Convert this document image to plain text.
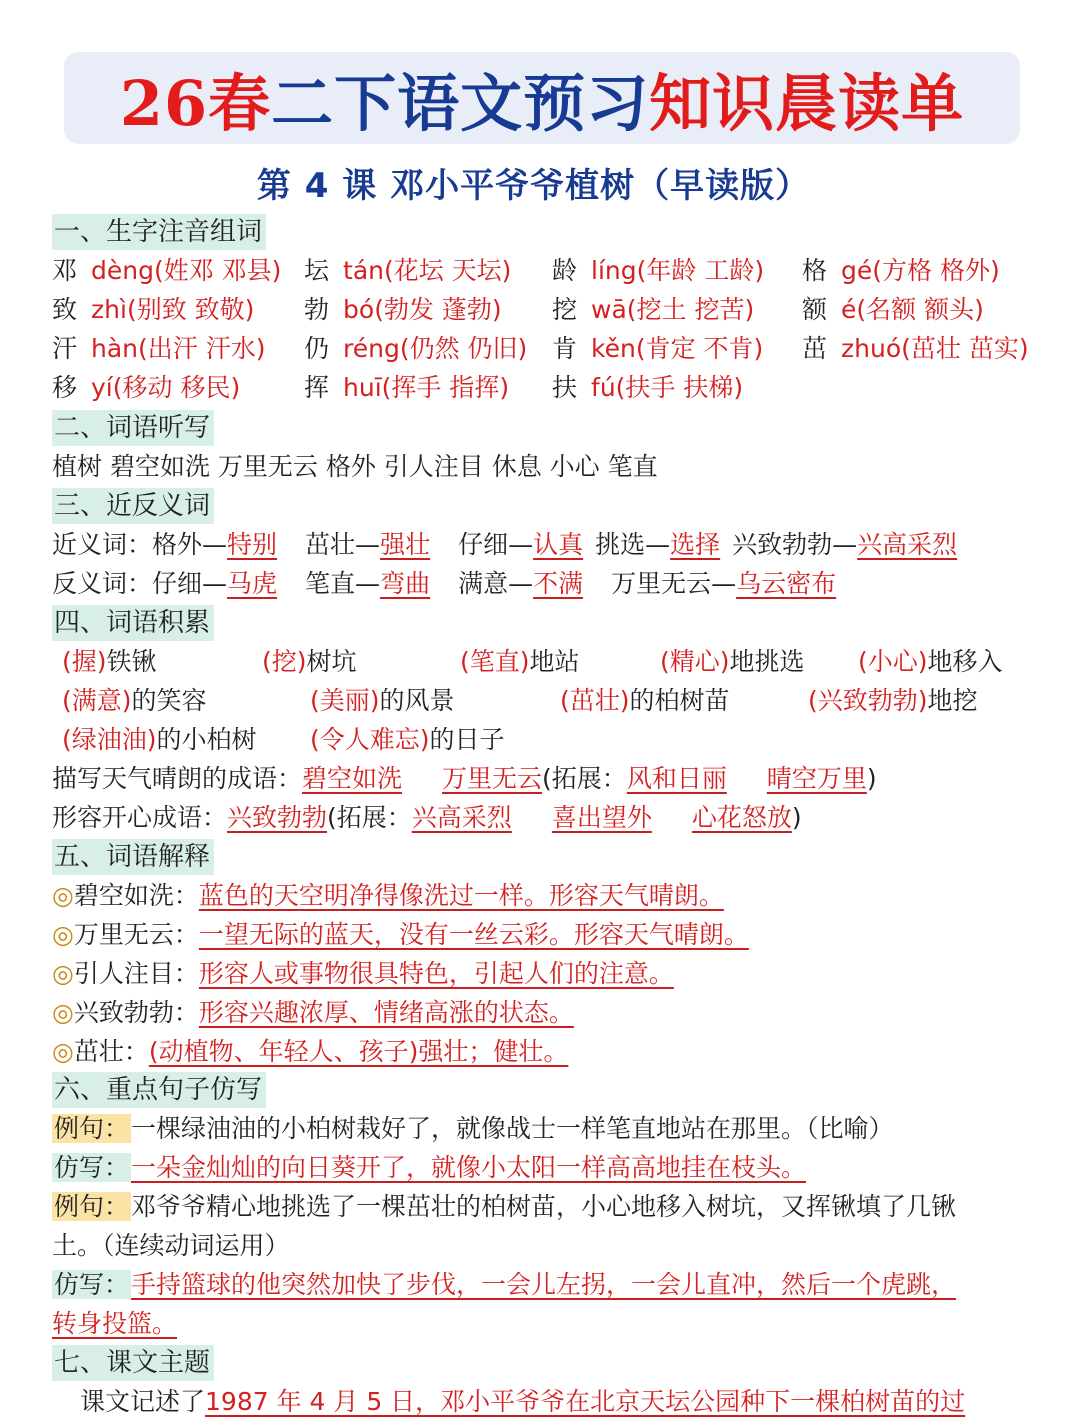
26春 二下语文预习 知识晨读单
第 4 课 邓小平爷爷植树（早读版）
一、生字注音组词
邓 dèng(姓邓 邓县) 坛 tán(花坛 天坛) 龄 líng(年龄 工龄) 格 gé(方格 格外)
致 zhì(别致 致敬) 勃 bó(勃发 蓬勃) 挖 wā(挖土 挖苦) 额 é(名额 额头)
汗 hàn(出汗 汗水) 仍 réng(仍然 仍旧) 肯 kěn(肯定 不肯) 茁 zhuó(茁壮 茁实)
移 yí(移动 移民)	挥 huī(挥手 指挥) 扶 fú(扶手 扶梯)
二、词语听写
植树 碧空如洗 万里无云 格外 引人注目 休息 小心 笔直
三、近反义词
近义词：格外—特别 茁壮—强壮 仔细—认真 挑选—选择 兴致勃勃—兴高采烈
反义词：仔细—马虎 笔直—弯曲 满意—不满 万里无云—乌云密布
四、词语积累
(握)铁锹	(挖)树坑	(笔直)地站	(精心)地挑选 (小心)地移入
(满意)的笑容	(美丽)的风景	(茁壮)的柏树苗	(兴致勃勃)地挖
(绿油油)的小柏树 (令人难忘)的日子
描写天气晴朗的成语：碧空如洗 万里无云(拓展：风和日丽 晴空万里)
形容开心成语：兴致勃勃(拓展：兴高采烈 喜出望外 心花怒放)
五、词语解释
◎碧空如洗：蓝色的天空明净得像洗过一样。形容天气晴朗。
◎万里无云：一望无际的蓝天，没有一丝云彩。形容天气晴朗。
◎引人注目：形容人或事物很具特色，引起人们的注意。
◎兴致勃勃：形容兴趣浓厚、情绪高涨的状态。
◎茁壮：(动植物、年轻人、孩子)强壮；健壮。
六、重点句子仿写
例句：一棵绿油油的小柏树栽好了，就像战士一样笔直地站在那里。（比喻）
仿写：一朵金灿灿的向日葵开了，就像小太阳一样高高地挂在枝头。
例句：邓爷爷精心地挑选了一棵茁壮的柏树苗，小心地移入树坑，又挥锹填了几锹
土。（连续动词运用）
仿写：手持篮球的他突然加快了步伐，一会儿左拐，一会儿直冲，然后一个虎跳，
转身投篮。
七、课文主题
课文记述了1987 年 4 月 5 日，邓小平爷爷在北京天坛公园种下一棵柏树苗的过
